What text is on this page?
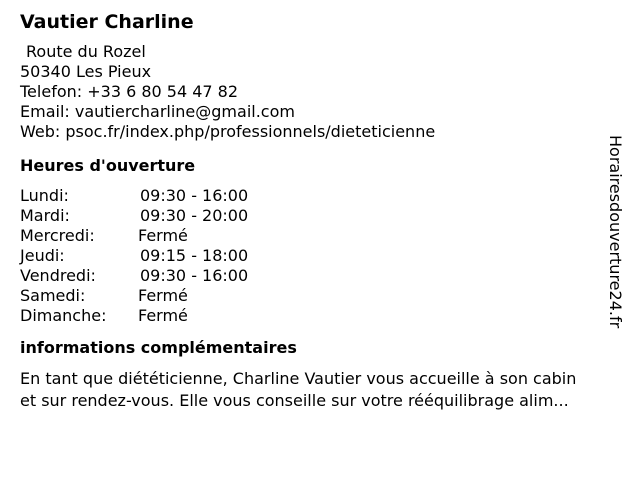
Vautier Charline
Route du Rozel
50340 Les Pieux
Telefon: +33 6 80 54 47 82
Email: vautiercharline@gmail.com
Web: psoc.fr/index.php/professionnels/dieteticienne
Heures d'ouverture
Lundi:	09:30 - 16:00
Mardi:	09:30 - 20:00
Mercredi:	Fermé
Jeudi:	09:15 - 18:00
Vendredi:	09:30 - 16:00
Samedi:	Fermé
Dimanche:	Fermé
informations complémentaires
En tant que diététicienne, Charline Vautier vous accueille à son cabin
et sur rendez-vous. Elle vous conseille sur votre rééquilibrage alim...
Horairesdouverture24.fr
